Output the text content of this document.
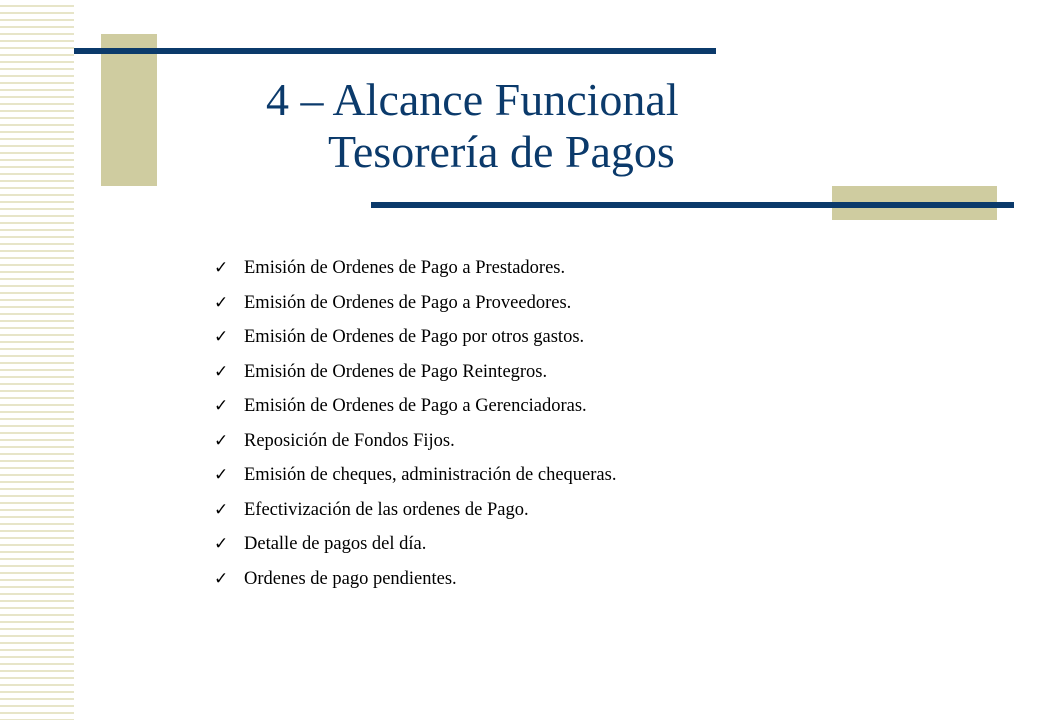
4 – Alcance Funcional
Tesorería de Pagos
✓ Emisión de Ordenes de Pago a Prestadores.
✓ Emisión de Ordenes de Pago a Proveedores.
✓ Emisión de Ordenes de Pago por otros gastos.
✓ Emisión de Ordenes de Pago Reintegros.
✓ Emisión de Ordenes de Pago a Gerenciadoras.
✓ Reposición de Fondos Fijos.
✓ Emisión de cheques, administración de chequeras.
✓ Efectivización de las ordenes de Pago.
✓ Detalle de pagos del día.
✓ Ordenes de pago pendientes.
